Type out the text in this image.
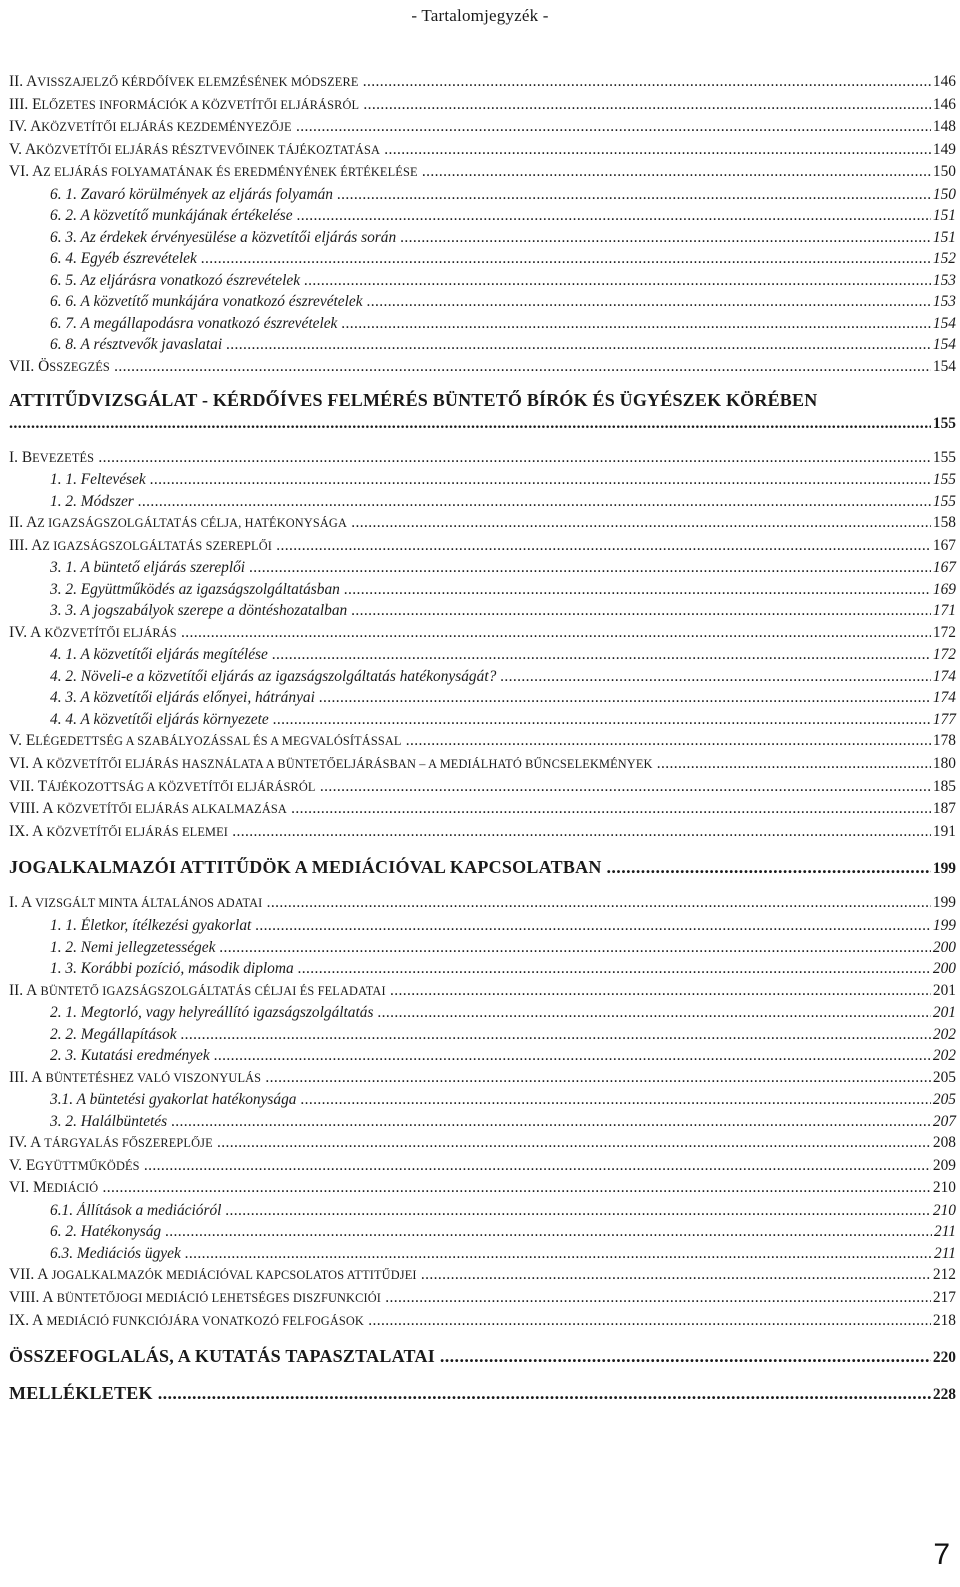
- Tartalomjegyzék -
II. AVISSZAJELZŐ KÉRDŐÍVEK ELEMZÉSÉNEK MÓDSZERE .....	146
III. ELŐZETES INFORMÁCIÓK A KÖZVETÍTŐI ELJÁRÁSRÓL .....	146
IV. AKÖZVETÍTŐI ELJÁRÁS KEZDEMÉNYEZŐJE .....	148
V. AKÖZVETÍTŐI ELJÁRÁS RÉSZTVEVŐINEK TÁJÉKOZTATÁSA .....	149
VI. AZ ELJÁRÁS FOLYAMATÁNAK ÉS EREDMÉNYÉNEK ÉRTÉKELÉSE .....	150
6. 1. Zavaró körülmények az eljárás folyamán .....	150
6. 2. A közvetítő munkájának értékelése .....	151
6. 3. Az érdekek érvényesülése a közvetítői eljárás során .....	151
6. 4. Egyéb észrevételek .....	152
6. 5. Az eljárásra vonatkozó észrevételek .....	153
6. 6. A közvetítő munkájára vonatkozó észrevételek .....	153
6. 7. A megállapodásra vonatkozó észrevételek .....	154
6. 8. A résztvevők javaslatai .....	154
VII. ÖSSZEGZÉS .....	154
ATTITŰDVIZSGÁLAT - KÉRDŐÍVES FELMÉRÉS BÜNTETŐ BÍRÓK ÉS ÜGYÉSZEK KÖRÉBEN
.....
155
I. BEVEZETÉS .....	155
1. 1. Feltevések .....	155
1. 2. Módszer .....	155
II. AZ IGAZSÁGSZOLGÁLTATÁS CÉLJA, HATÉKONYSÁGA .....	158
III. AZ IGAZSÁGSZOLGÁLTATÁS SZEREPLŐI .....	167
3. 1. A büntető eljárás szereplői .....	167
3. 2. Együttműködés az igazságszolgáltatásban .....	169
3. 3. A jogszabályok szerepe a döntéshozatalban .....	171
IV. A KÖZVETÍTŐI ELJÁRÁS .....	172
4. 1. A közvetítői eljárás megítélése .....	172
4. 2. Növeli-e a közvetítői eljárás az igazságszolgáltatás hatékonyságát? .....	174
4. 3. A közvetítői eljárás előnyei, hátrányai .....	174
4. 4. A közvetítői eljárás környezete .....	177
V. ELÉGEDETTSÉG A SZABÁLYOZÁSSAL ÉS A MEGVALÓSÍTÁSSAL .....	178
VI. A KÖZVETÍTŐI ELJÁRÁS HASZNÁLATA A BÜNTETŐELJÁRÁSBAN – A MEDIÁLHATÓ BŰNCSELEKMÉNYEK .....	180
VII. TÁJÉKOZOTTSÁG A KÖZVETÍTŐI ELJÁRÁSRÓL .....	185
VIII. A KÖZVETÍTŐI ELJÁRÁS ALKALMAZÁSA .....	187
IX. A KÖZVETÍTŐI ELJÁRÁS ELEMEI .....	191
JOGALKALMAZÓI ATTITŰDÖK A MEDIÁCIÓVAL KAPCSOLATBAN .....	199
I. A VIZSGÁLT MINTA ÁLTALÁNOS ADATAI .....	199
1. 1. Életkor, ítélkezési gyakorlat .....	199
1. 2. Nemi jellegzetességek .....	200
1. 3. Korábbi pozíció, második diploma .....	200
II. A BÜNTETŐ IGAZSÁGSZOLGÁLTATÁS CÉLJAI ÉS FELADATAI .....	201
2. 1. Megtorló, vagy helyreállító igazságszolgáltatás .....	201
2. 2. Megállapítások .....	202
2. 3. Kutatási eredmények .....	202
III. A BÜNTETÉSHEZ VALÓ VISZONYULÁS .....	205
3.1. A büntetési gyakorlat hatékonysága .....	205
3. 2. Halálbüntetés .....	207
IV. A TÁRGYALÁS FŐSZEREPLŐJE .....	208
V. EGYÜTTMŰKÖDÉS .....	209
VI. MEDIÁCIÓ .....	210
6.1. Állítások a mediációról .....	210
6. 2. Hatékonyság .....	211
6.3. Mediációs ügyek .....	211
VII. A JOGALKALMAZÓK MEDIÁCIÓVAL KAPCSOLATOS ATTITŰDJEI .....	212
VIII. A BÜNTETŐJOGI MEDIÁCIÓ LEHETSÉGES DISZFUNKCIÓI .....	217
IX. A MEDIÁCIÓ FUNKCIÓJÁRA VONATKOZÓ FELFOGÁSOK .....	218
ÖSSZEFOGLALÁS, A KUTATÁS TAPASZTALATAI .....	220
MELLÉKLETEK .....	228
7
